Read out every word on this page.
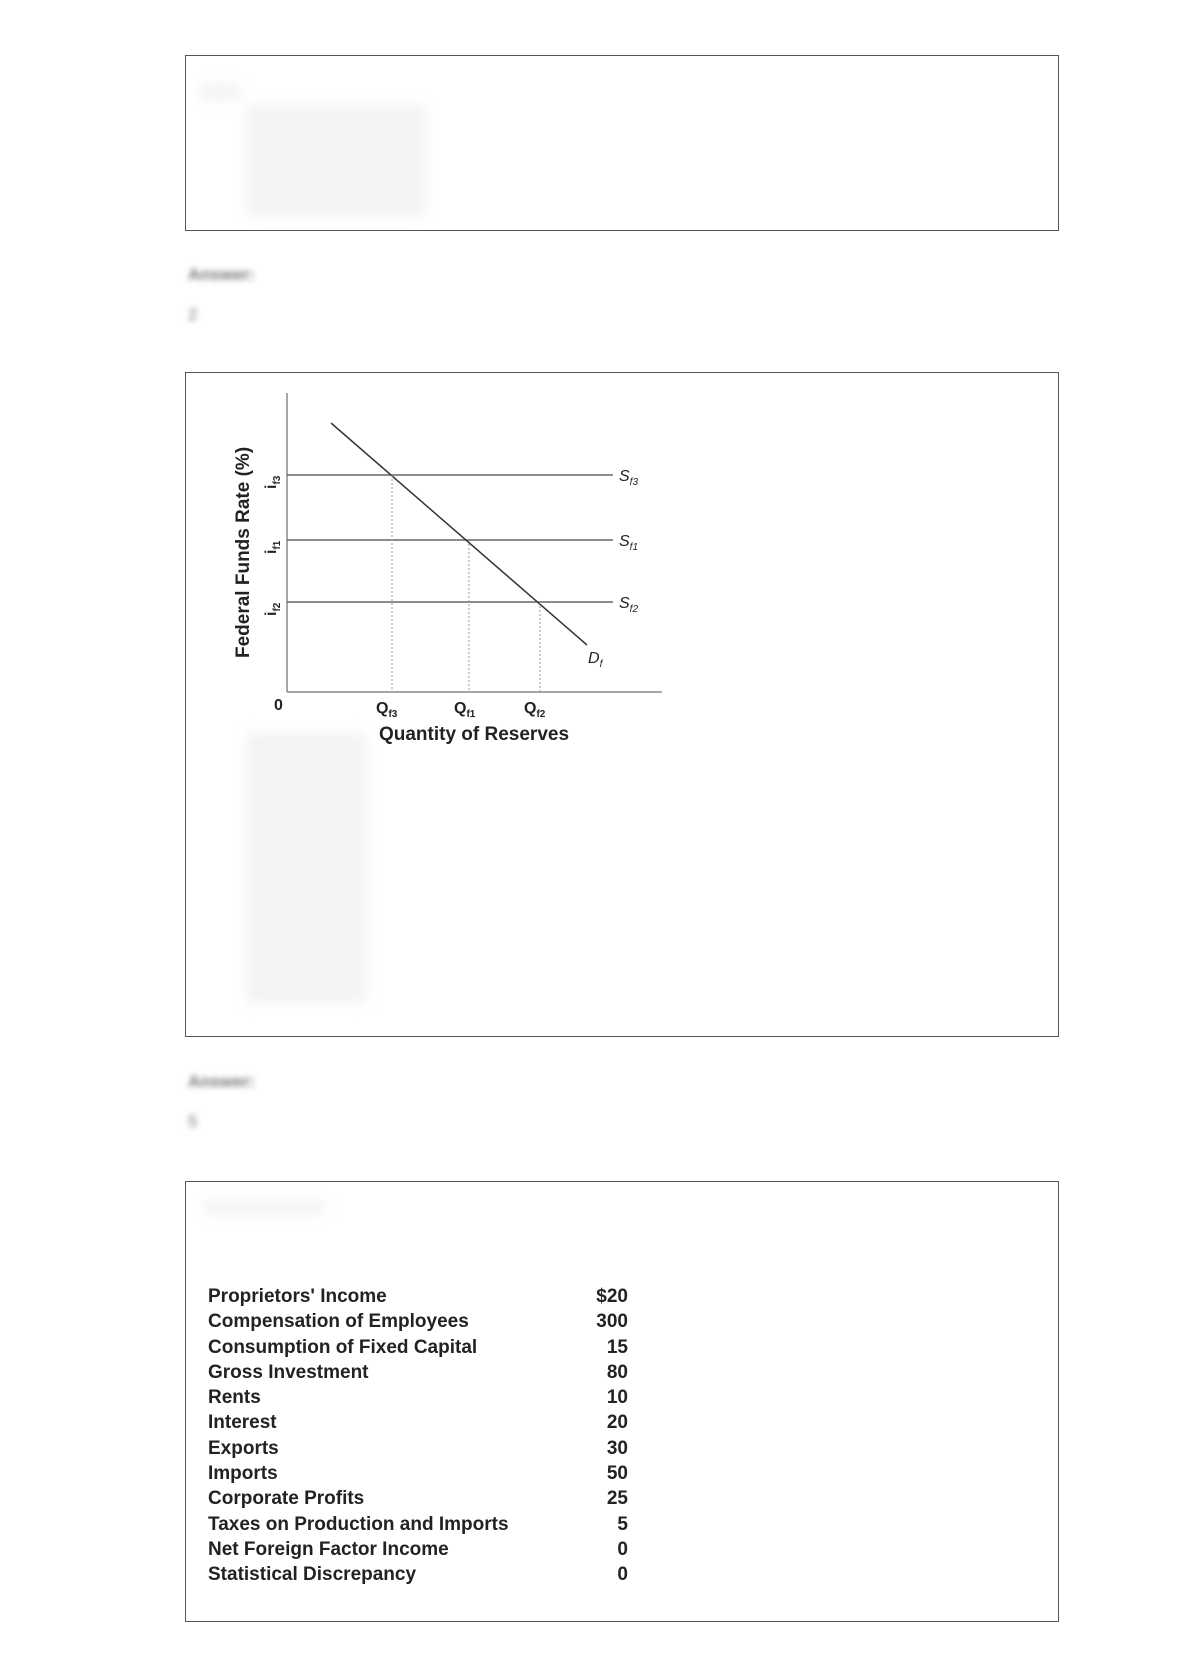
Answer:
2
Federal Funds Rate (%) $i_{f3}$
$i_{f1}$
$i_{f2}$
0	$Q_{f3}$	$Q_{f1}$	$Q_{f2}$
Quantity of Reserves
$S_{f3}$
$S_{f1}$
$S_{f2}$
$D_f$
Answer:
5
Proprietors' Income	$20
Compensation of Employees	300
Consumption of Fixed Capital	15
Gross Investment	80
Rents	10
Interest	20
Exports	30
Imports	50
Corporate Profits	25
Taxes on Production and Imports	5
Net Foreign Factor Income	0
Statistical Discrepancy	0
